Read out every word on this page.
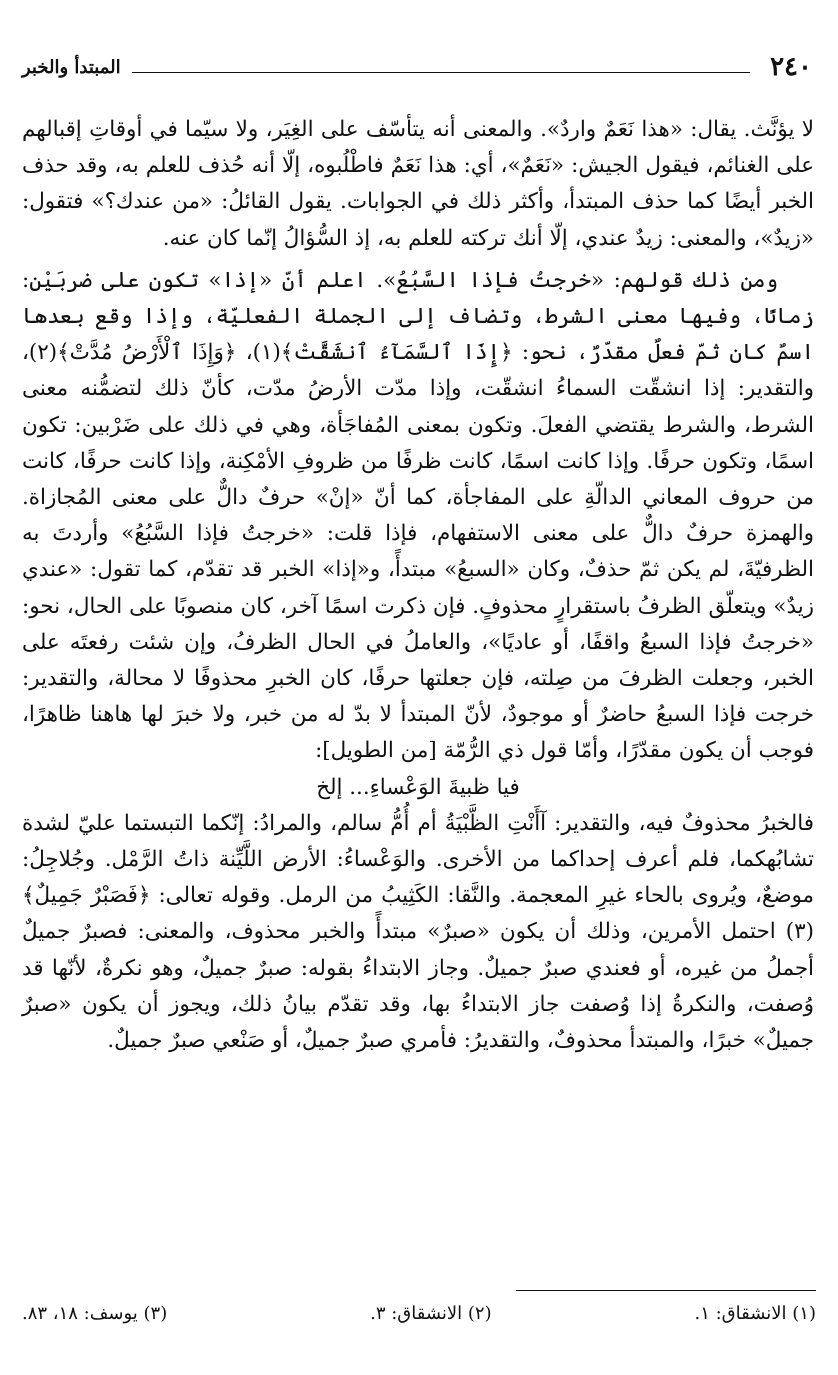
٢٤٠
المبتدأ والخبر

لا يؤنَّث. يقال: «هذا نَعَمٌ واردٌ». والمعنى أنه يتأسّف على الغِيَر، ولا سيّما في أوقاتِ إقبالهم على الغنائم، فيقول الجيش: «نَعَمٌ»، أي: هذا نَعَمٌ فاطْلُبوه، إلّا أنه حُذف للعلم به، وقد حذف الخبر أيضًا كما حذف المبتدأ، وأكثر ذلك في الجوابات. يقول القائلُ: «من عندك؟» فتقول: «زيدٌ»، والمعنى: زيدٌ عندي، إلّا أنك تركته للعلم به، إذ السُّؤالُ إنّما كان عنه.

ومن ذلك قولهم: «خرجتُ فإذا السَّبُعُ». اعلم أنّ «إذا» تكون على ضربَيْن: زمانًا، وفيها معنى الشرط، وتضاف إلى الجملة الفعليّة، وإذا وقع بعدها اسمٌ كان ثمّ فعلٌ مقدّرٌ، نحو: ﴿إِذَا ٱلسَّمَآءُ ٱنشَقَّتْ﴾(١)، ﴿وَإِذَا ٱلْأَرْضُ مُدَّتْ﴾(٢)، والتقدير: إذا انشقّت السماءُ انشقّت، وإذا مدّت الأرضُ مدّت، كأنّ ذلك لتضمُّنه معنى الشرط، والشرط يقتضي الفعلَ. وتكون بمعنى المُفاجَأة، وهي في ذلك على ضَرْبين: تكون اسمًا، وتكون حرفًا. وإذا كانت اسمًا، كانت ظرفًا من ظروفِ الأمْكِنة، وإذا كانت حرفًا، كانت من حروف المعاني الدالّةِ على المفاجأة، كما أنّ «إنْ» حرفٌ دالٌّ على معنى المُجازاة. والهمزة حرفٌ دالٌّ على معنى الاستفهام، فإذا قلت: «خرجتُ فإذا السَّبُعُ» وأردتَ به الظرفيّةَ، لم يكن ثمّ حذفٌ، وكان «السبعُ» مبتدأً، و«إذا» الخبر قد تقدّم، كما تقول: «عندي زيدٌ» ويتعلّق الظرفُ باستقرارٍ محذوفٍ. فإن ذكرت اسمًا آخر، كان منصوبًا على الحال، نحو: «خرجتُ فإذا السبعُ واقفًا، أو عاديًا»، والعاملُ في الحال الظرفُ، وإن شئت رفعتَه على الخبر، وجعلت الظرفَ من صِلته، فإن جعلتها حرفًا، كان الخبرِ محذوفًا لا محالة، والتقدير: خرجت فإذا السبعُ حاضرٌ أو موجودٌ، لأنّ المبتدأ لا بدّ له من خبر، ولا خبرَ لها هاهنا ظاهرًا، فوجب أن يكون مقدّرًا، وأمّا قول ذي الرُّمّة [من الطويل]:

فيا ظبيةَ الوَعْساءِ... إلخ

فالخبرُ محذوفٌ فيه، والتقدير: آأَنْتِ الظَّبْيَةُ أم أُمُّ سالم، والمرادُ: إنّكما التبستما عليّ لشدة تشابُهكما، فلم أعرف إحداكما من الأخرى. والوَعْساءُ: الأرض اللَّيِّنة ذاتُ الرَّمْل. وجُلاجِلُ: موضعٌ، ويُروى بالحاء غيرِ المعجمة. والنَّقا: الكَثِيبُ من الرمل. وقوله تعالى: ﴿فَصَبْرٌ جَمِيلٌ﴾(٣) احتمل الأمرين، وذلك أن يكون «صبرٌ» مبتدأً والخبر محذوف، والمعنى: فصبرٌ جميلٌ أجملُ من غيره، أو فعندي صبرٌ جميلٌ. وجاز الابتداءُ بقوله: صبرٌ جميلٌ، وهو نكرةٌ، لأنّها قد وُصفت، والنكرةُ إذا وُصفت جاز الابتداءُ بها، وقد تقدّم بيانُ ذلك، ويجوز أن يكون «صبرٌ جميلٌ» خبرًا، والمبتدأ محذوفٌ، والتقديرُ: فأمري صبرٌ جميلٌ، أو صَنْعي صبرٌ جميلٌ.

(١) الانشقاق: ١.
(٢) الانشقاق: ٣.
(٣) يوسف: ١٨، ٨٣.
